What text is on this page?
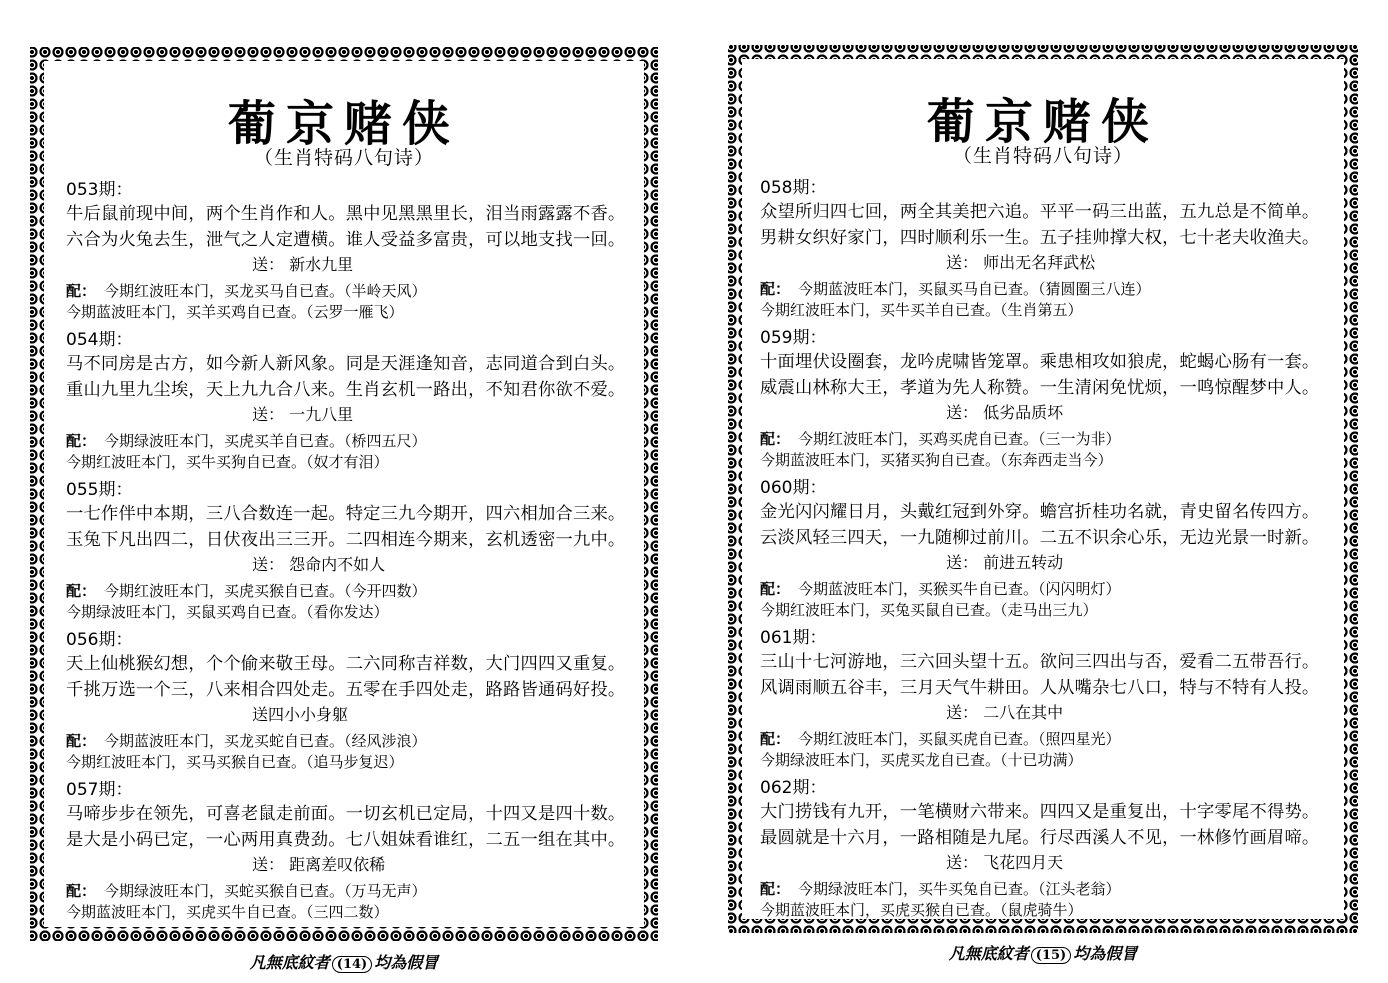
葡京赌侠
（生肖特码八句诗）
053期：
牛后鼠前现中间，两个生肖作和人。黑中见黑黑里长，泪当雨露露不香。
六合为火兔去生，泄气之人定遭横。谁人受益多富贵，可以地支找一回。
送： 新水九里
配： 今期红波旺本门，买龙买马自已查。（半岭天风）
今期蓝波旺本门，买羊买鸡自已查。（云罗一雁飞）
054期：
马不同房是古方，如今新人新风象。同是天涯逢知音，志同道合到白头。
重山九里九尘埃，天上九九合八来。生肖玄机一路出，不知君你欲不爱。
送： 一九八里
配： 今期绿波旺本门，买虎买羊自已查。（桥四五尺）
今期红波旺本门，买牛买狗自已查。（奴才有泪）
055期：
一七作伴中本期，三八合数连一起。特定三九今期开，四六相加合三来。
玉兔下凡出四二，日伏夜出三三开。二四相连今期来，玄机透密一九中。
送： 怨命内不如人
配： 今期红波旺本门，买虎买猴自已查。（今开四数）
今期绿波旺本门，买鼠买鸡自已查。（看你发达）
056期：
天上仙桃猴幻想，个个偷来敬王母。二六同称吉祥数，大门四四又重复。
千挑万选一个三，八来相合四处走。五零在手四处走，路路皆通码好投。
送四小小身躯
配： 今期蓝波旺本门，买龙买蛇自已查。（经风涉浪）
今期红波旺本门，买马买猴自已查。（追马步复迟）
057期：
马啼步步在领先，可喜老鼠走前面。一切玄机已定局，十四又是四十数。
是大是小码已定，一心两用真费劲。七八姐妹看谁红，二五一组在其中。
送： 距离差叹依稀
配： 今期绿波旺本门，买蛇买猴自已查。（万马无声）
今期蓝波旺本门，买虎买牛自已查。（三四二数）
凡無底紋者 (14) 均為假冒
葡京赌侠
（生肖特码八句诗）
058期：
众望所归四七回，两全其美把六追。平平一码三出蓝，五九总是不简单。
男耕女织好家门，四时顺利乐一生。五子挂帅撑大权，七十老夫收渔夫。
送： 师出无名拜武松
配： 今期蓝波旺本门，买鼠买马自已查。（猜圆圈三八连）
今期红波旺本门，买牛买羊自已查。（生肖第五）
059期：
十面埋伏设圈套，龙吟虎啸皆笼罩。乘患相攻如狼虎，蛇蝎心肠有一套。
威震山林称大王，孝道为先人称赞。一生清闲免忧烦，一鸣惊醒梦中人。
送： 低劣品质坏
配： 今期红波旺本门，买鸡买虎自已查。（三一为非）
今期蓝波旺本门，买猪买狗自已查。（东奔西走当今）
060期：
金光闪闪耀日月，头戴红冠到外穿。蟾宫折桂功名就，青史留名传四方。
云淡风轻三四天，一九随柳过前川。二五不识余心乐，无边光景一时新。
送： 前进五转动
配： 今期蓝波旺本门，买猴买牛自已查。（闪闪明灯）
今期红波旺本门，买兔买鼠自已查。（走马出三九）
061期：
三山十七河游地，三六回头望十五。欲问三四出与否，爱看二五带吾行。
风调雨顺五谷丰，三月天气牛耕田。人从嘴杂七八口，特与不特有人投。
送： 二八在其中
配： 今期红波旺本门，买鼠买虎自已查。（照四星光）
今期绿波旺本门，买虎买龙自已查。（十已功满）
062期：
大门捞钱有九开，一笔横财六带来。四四又是重复出，十字零尾不得势。
最圆就是十六月，一路相随是九尾。行尽西溪人不见，一林修竹画眉啼。
送： 飞花四月天
配： 今期绿波旺本门，买牛买兔自已查。（江头老翁）
今期蓝波旺本门，买虎买猴自已查。（鼠虎骑牛）
凡無底紋者 (15) 均為假冒
